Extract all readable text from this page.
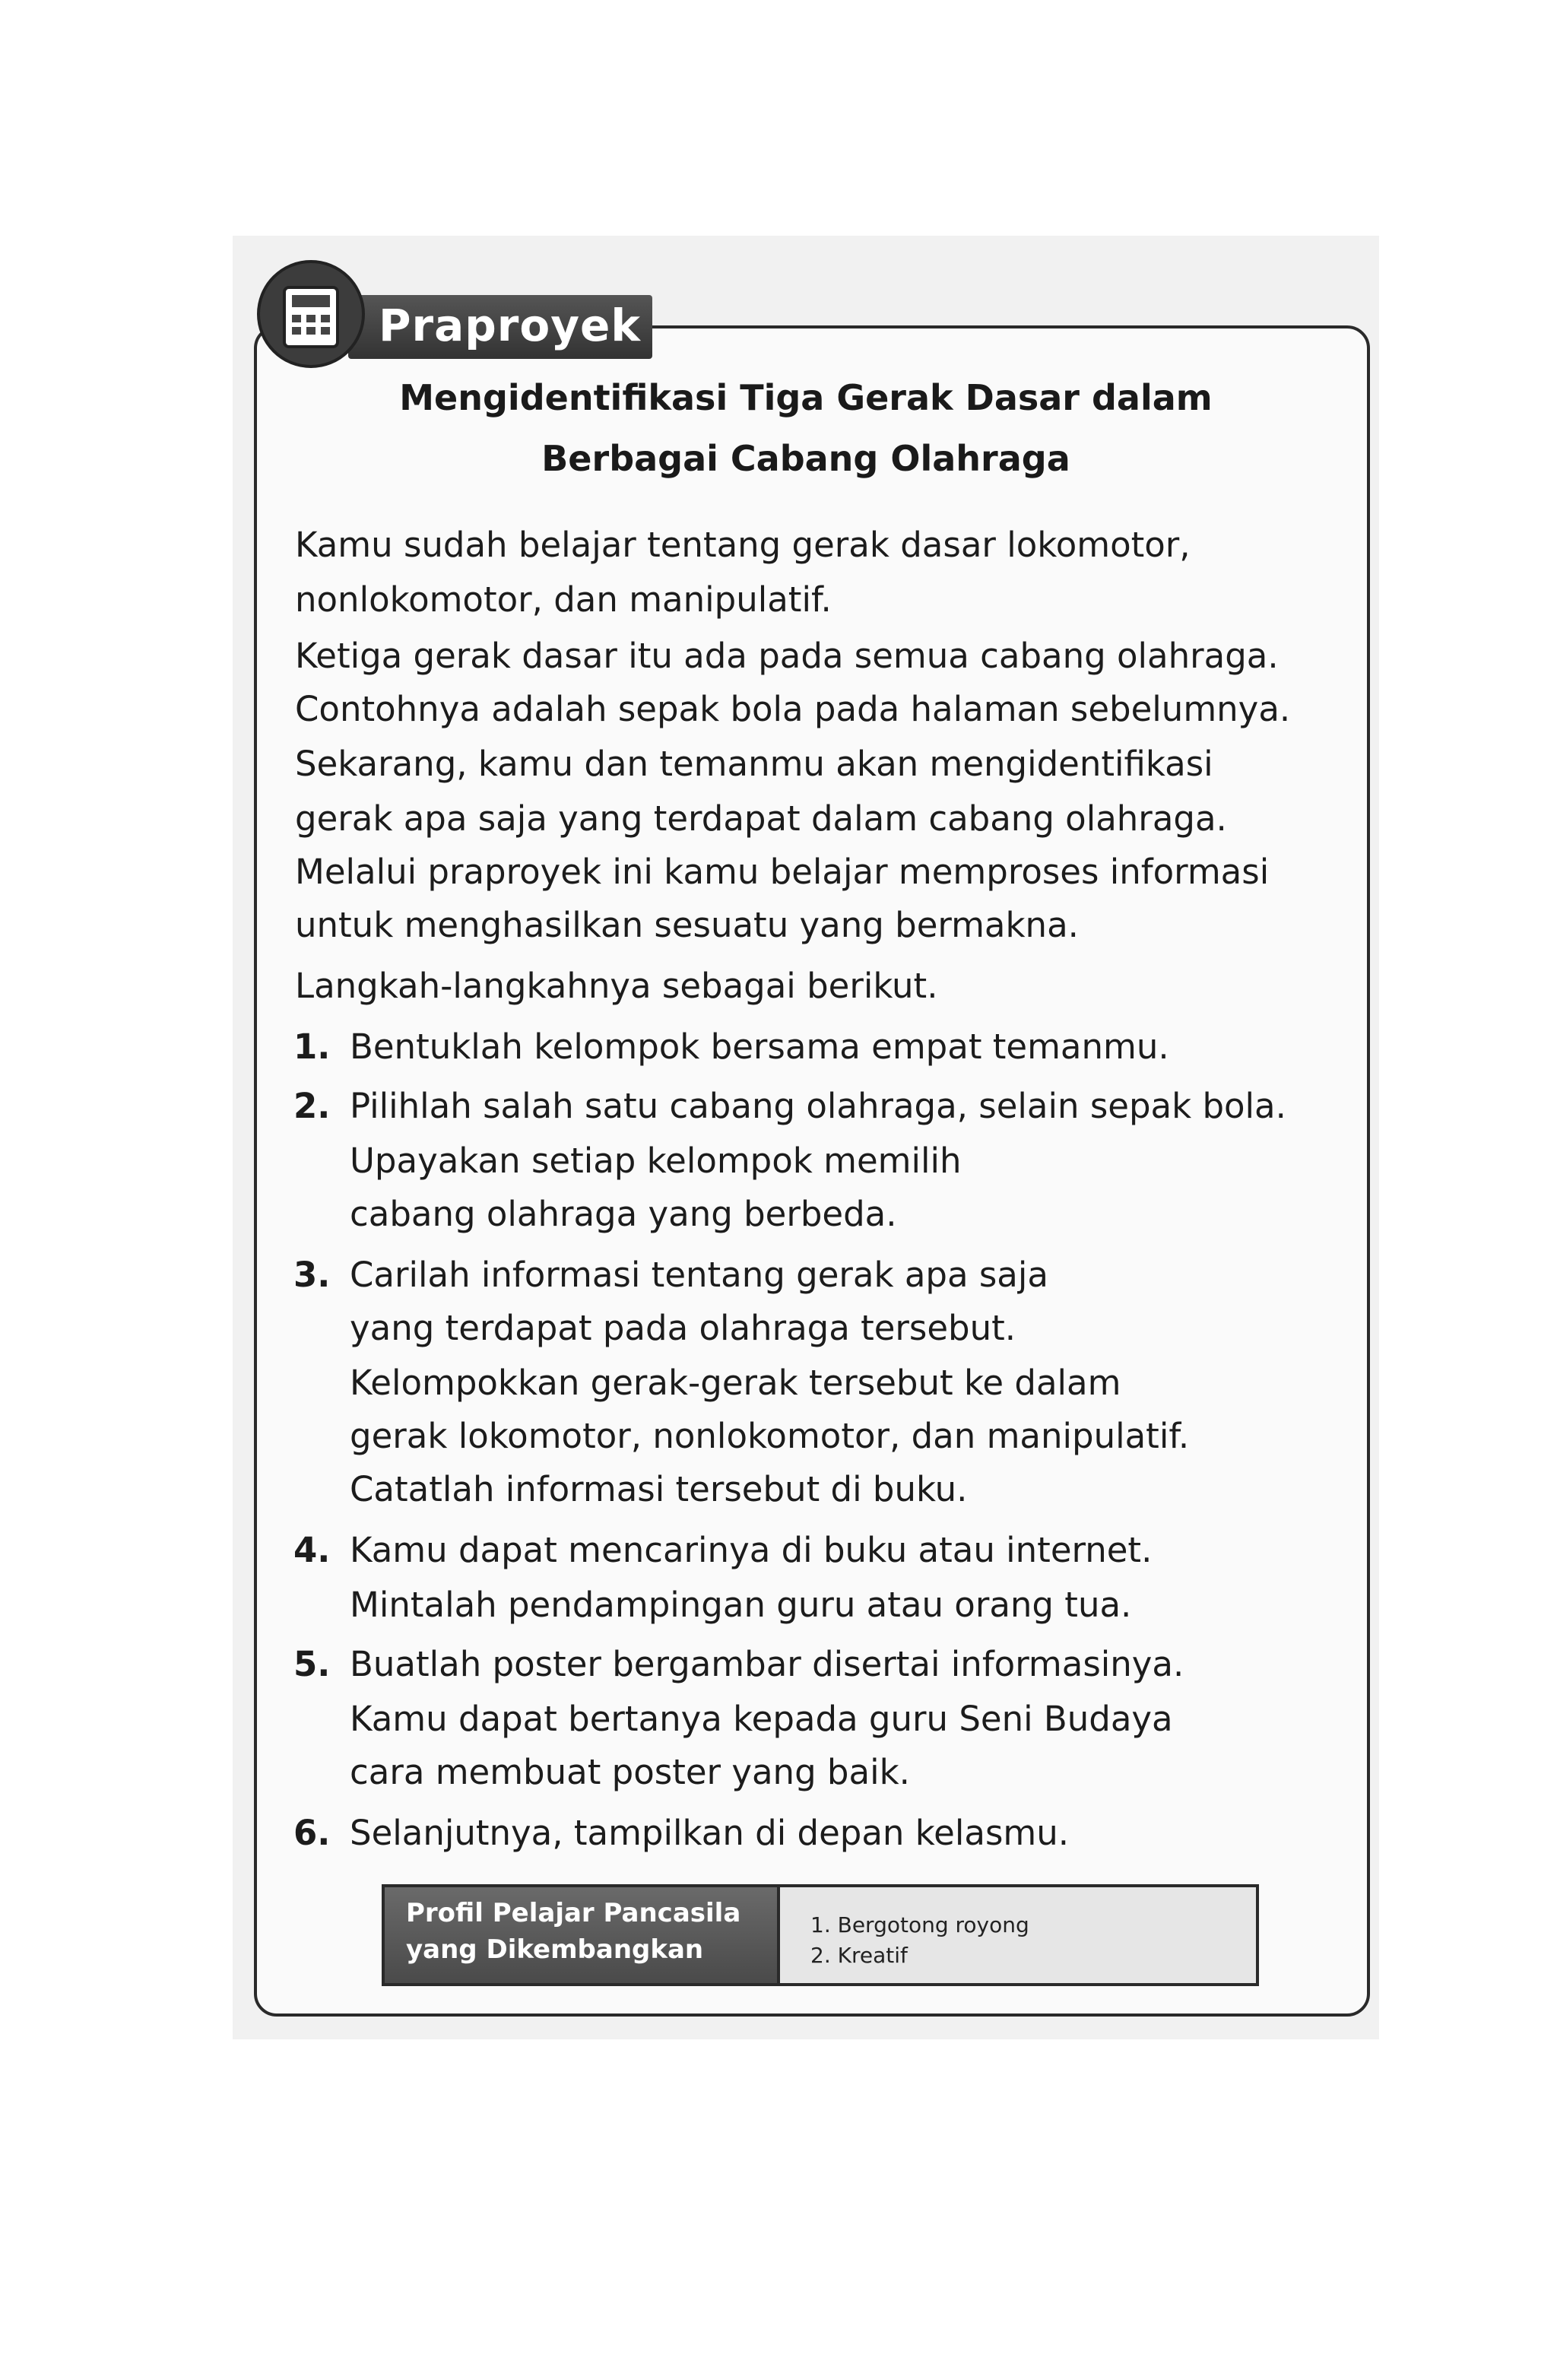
Praproyek
Mengidentifikasi Tiga Gerak Dasar dalam
Berbagai Cabang Olahraga
Kamu sudah belajar tentang gerak dasar lokomotor,
nonlokomotor, dan manipulatif.
Ketiga gerak dasar itu ada pada semua cabang olahraga.
Contohnya adalah sepak bola pada halaman sebelumnya.
Sekarang, kamu dan temanmu akan mengidentifikasi
gerak apa saja yang terdapat dalam cabang olahraga.
Melalui praproyek ini kamu belajar memproses informasi
untuk menghasilkan sesuatu yang bermakna.
Langkah-langkahnya sebagai berikut.
1. Bentuklah kelompok bersama empat temanmu.
2. Pilihlah salah satu cabang olahraga, selain sepak bola.
Upayakan setiap kelompok memilih
cabang olahraga yang berbeda.
3. Carilah informasi tentang gerak apa saja
yang terdapat pada olahraga tersebut.
Kelompokkan gerak-gerak tersebut ke dalam
gerak lokomotor, nonlokomotor, dan manipulatif.
Catatlah informasi tersebut di buku.
4. Kamu dapat mencarinya di buku atau internet.
Mintalah pendampingan guru atau orang tua.
5. Buatlah poster bergambar disertai informasinya.
Kamu dapat bertanya kepada guru Seni Budaya
cara membuat poster yang baik.
6. Selanjutnya, tampilkan di depan kelasmu.
Profil Pelajar Pancasila
yang Dikembangkan
1. Bergotong royong
2. Kreatif
